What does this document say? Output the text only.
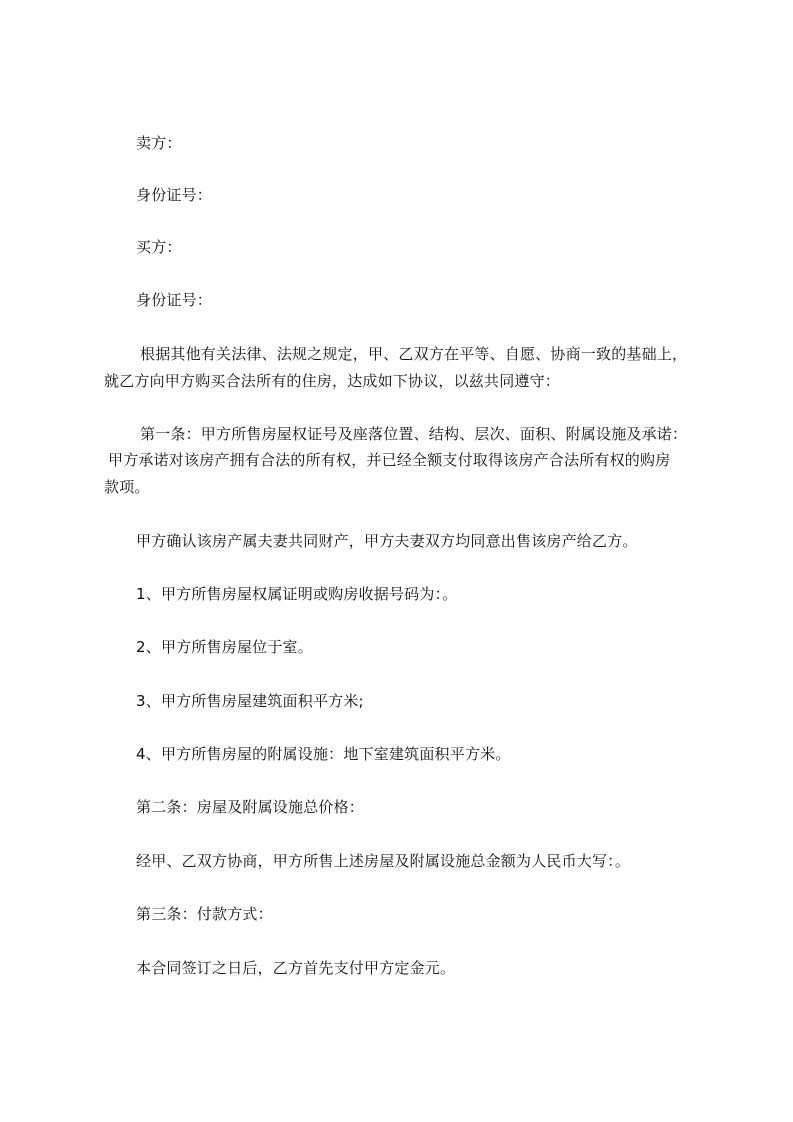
卖方：
身份证号：
买方：
身份证号：
根据其他有关法律、法规之规定，甲、乙双方在平等、自愿、协商一致的基础上，
就乙方向甲方购买合法所有的住房，达成如下协议，以兹共同遵守：
第一条：甲方所售房屋权证号及座落位置、结构、层次、面积、附属设施及承诺：
甲方承诺对该房产拥有合法的所有权，并已经全额支付取得该房产合法所有权的购房
款项。
甲方确认该房产属夫妻共同财产，甲方夫妻双方均同意出售该房产给乙方。
1、甲方所售房屋权属证明或购房收据号码为：。
2、甲方所售房屋位于室。
3、甲方所售房屋建筑面积平方米;
4、甲方所售房屋的附属设施：地下室建筑面积平方米。
第二条：房屋及附属设施总价格：
经甲、乙双方协商，甲方所售上述房屋及附属设施总金额为人民币大写：。
第三条：付款方式：
本合同签订之日后，乙方首先支付甲方定金元。
